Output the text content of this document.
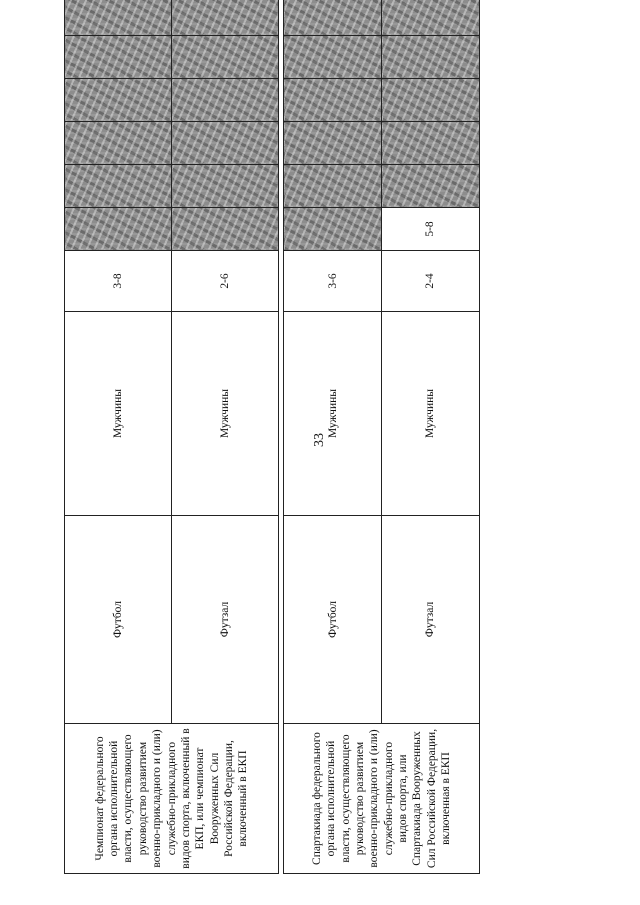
33
Чемпионат федерального органа исполнительной власти, осуществляющего руководство развитием военно-прикладного и (или) служебно-прикладного видов спорта, включенный в ЕКП, или чемпионат Вооруженных Сил Российской Федерации, включенный в ЕКП	Футбол	Мужчины	3-8								
	Футзал	Мужчины	2-6								

Спартакиада федерального органа исполнительной власти, осуществляющего руководство развитием военно-прикладного и (или) служебно-прикладного видов спорта, или Спартакиада Вооруженных Сил Российской Федерации, включенная в ЕКП	Футбол	Мужчины	3-6								
	Футзал	Мужчины	2-4	5-8							
